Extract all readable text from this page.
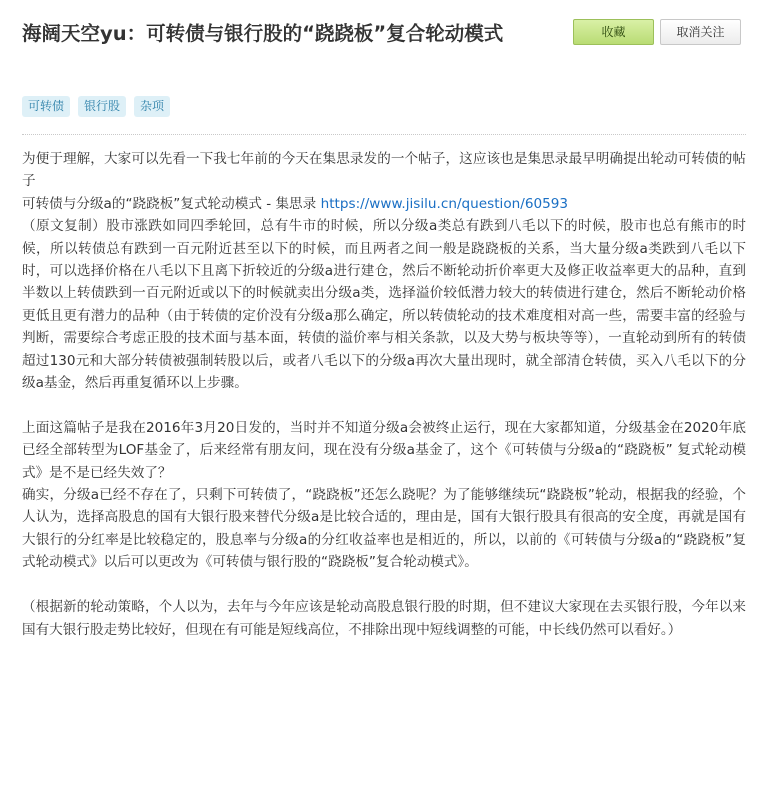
海阔天空yu：可转债与银行股的“跷跷板”复合轮动模式	收藏	取消关注
可转债	银行股	杂项

为便于理解，大家可以先看一下我七年前的今天在集思录发的一个帖子，这应该也是集思录最早明确提出轮动可转债的帖子

可转债与分级a的“跷跷板”复式轮动模式 - 集思录 https://www.jisilu.cn/question/60593

（原文复制）股市涨跌如同四季轮回，总有牛市的时候，所以分级a类总有跌到八毛以下的时候，股市也总有熊市的时候，所以转债总有跌到一百元附近甚至以下的时候，而且两者之间一般是跷跷板的关系，当大量分级a类跌到八毛以下时，可以选择价格在八毛以下且离下折较近的分级a进行建仓，然后不断轮动折价率更大及修正收益率更大的品种，直到半数以上转债跌到一百元附近或以下的时候就卖出分级a类，选择溢价较低潜力较大的转债进行建仓，然后不断轮动价格更低且更有潜力的品种（由于转债的定价没有分级a那么确定，所以转债轮动的技术难度相对高一些，需要丰富的经验与判断，需要综合考虑正股的技术面与基本面，转债的溢价率与相关条款，以及大势与板块等等），一直轮动到所有的转债超过130元和大部分转债被强制转股以后，或者八毛以下的分级a再次大量出现时，就全部清仓转债，买入八毛以下的分级a基金，然后再重复循环以上步骤。

上面这篇帖子是我在2016年3月20日发的，当时并不知道分级a会被终止运行，现在大家都知道，分级基金在2020年底已经全部转型为LOF基金了，后来经常有朋友问，现在没有分级a基金了，这个《可转债与分级a的“跷跷板” 复式轮动模式》是不是已经失效了？

确实，分级a已经不存在了，只剩下可转债了，“跷跷板”还怎么跷呢？为了能够继续玩“跷跷板”轮动，根据我的经验，个人认为，选择高股息的国有大银行股来替代分级a是比较合适的，理由是，国有大银行股具有很高的安全度，再就是国有大银行的分红率是比较稳定的，股息率与分级a的分红收益率也是相近的，所以，以前的《可转债与分级a的“跷跷板”复式轮动模式》以后可以更改为《可转债与银行股的“跷跷板”复合轮动模式》。

（根据新的轮动策略，个人以为，去年与今年应该是轮动高股息银行股的时期，但不建议大家现在去买银行股，今年以来国有大银行股走势比较好，但现在有可能是短线高位，不排除出现中短线调整的可能，中长线仍然可以看好。）
